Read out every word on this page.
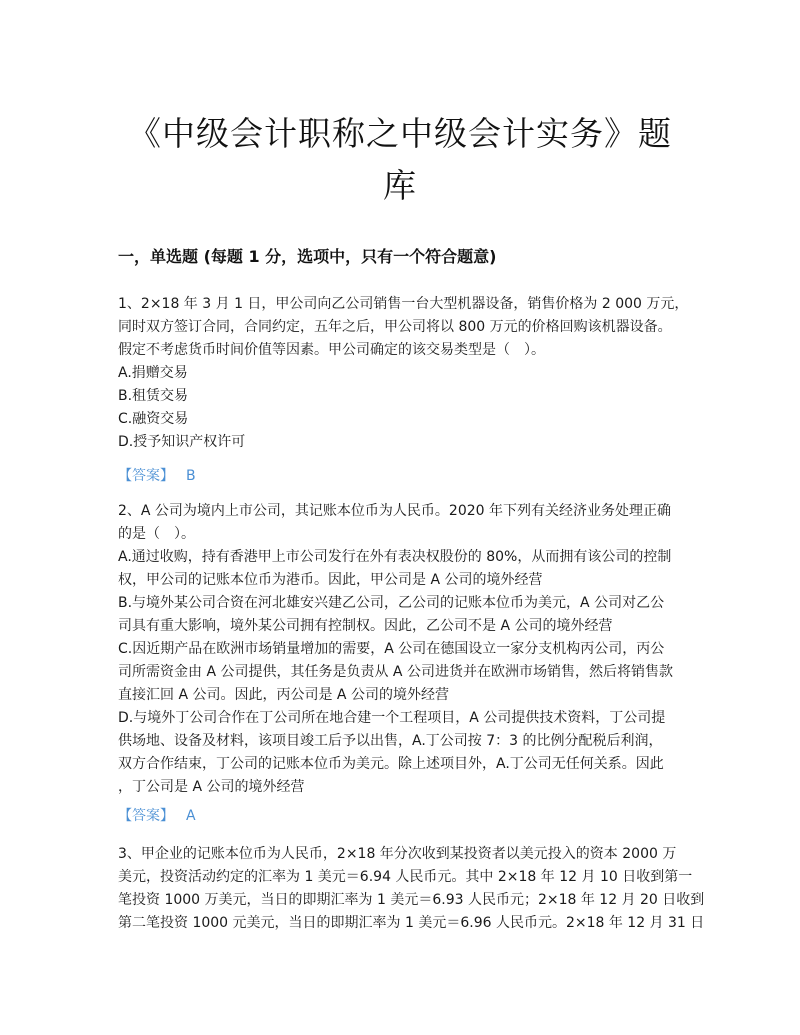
《中级会计职称之中级会计实务》题
库
一，单选题 (每题 1 分，选项中，只有一个符合题意)
1、2×18 年 3 月 1 日，甲公司向乙公司销售一台大型机器设备，销售价格为 2 000 万元，
同时双方签订合同，合同约定，五年之后，甲公司将以 800 万元的价格回购该机器设备。
假定不考虑货币时间价值等因素。甲公司确定的该交易类型是（　）。
A.捐赠交易
B.租赁交易
C.融资交易
D.授予知识产权许可
【答案】 B
2、A 公司为境内上市公司，其记账本位币为人民币。2020 年下列有关经济业务处理正确
的是（　）。
A.通过收购，持有香港甲上市公司发行在外有表决权股份的 80%，从而拥有该公司的控制
权，甲公司的记账本位币为港币。因此，甲公司是 A 公司的境外经营
B.与境外某公司合资在河北雄安兴建乙公司，乙公司的记账本位币为美元，A 公司对乙公
司具有重大影响，境外某公司拥有控制权。因此，乙公司不是 A 公司的境外经营
C.因近期产品在欧洲市场销量增加的需要，A 公司在德国设立一家分支机构丙公司，丙公
司所需资金由 A 公司提供，其任务是负责从 A 公司进货并在欧洲市场销售，然后将销售款
直接汇回 A 公司。因此，丙公司是 A 公司的境外经营
D.与境外丁公司合作在丁公司所在地合建一个工程项目，A 公司提供技术资料，丁公司提
供场地、设备及材料，该项目竣工后予以出售，A.丁公司按 7：3 的比例分配税后利润，
双方合作结束，丁公司的记账本位币为美元。除上述项目外，A.丁公司无任何关系。因此
，丁公司是 A 公司的境外经营
【答案】 A
3、甲企业的记账本位币为人民币，2×18 年分次收到某投资者以美元投入的资本 2000 万
美元，投资活动约定的汇率为 1 美元＝6.94 人民币元。其中 2×18 年 12 月 10 日收到第一
笔投资 1000 万美元，当日的即期汇率为 1 美元＝6.93 人民币元；2×18 年 12 月 20 日收到
第二笔投资 1000 元美元，当日的即期汇率为 1 美元＝6.96 人民币元。2×18 年 12 月 31 日
